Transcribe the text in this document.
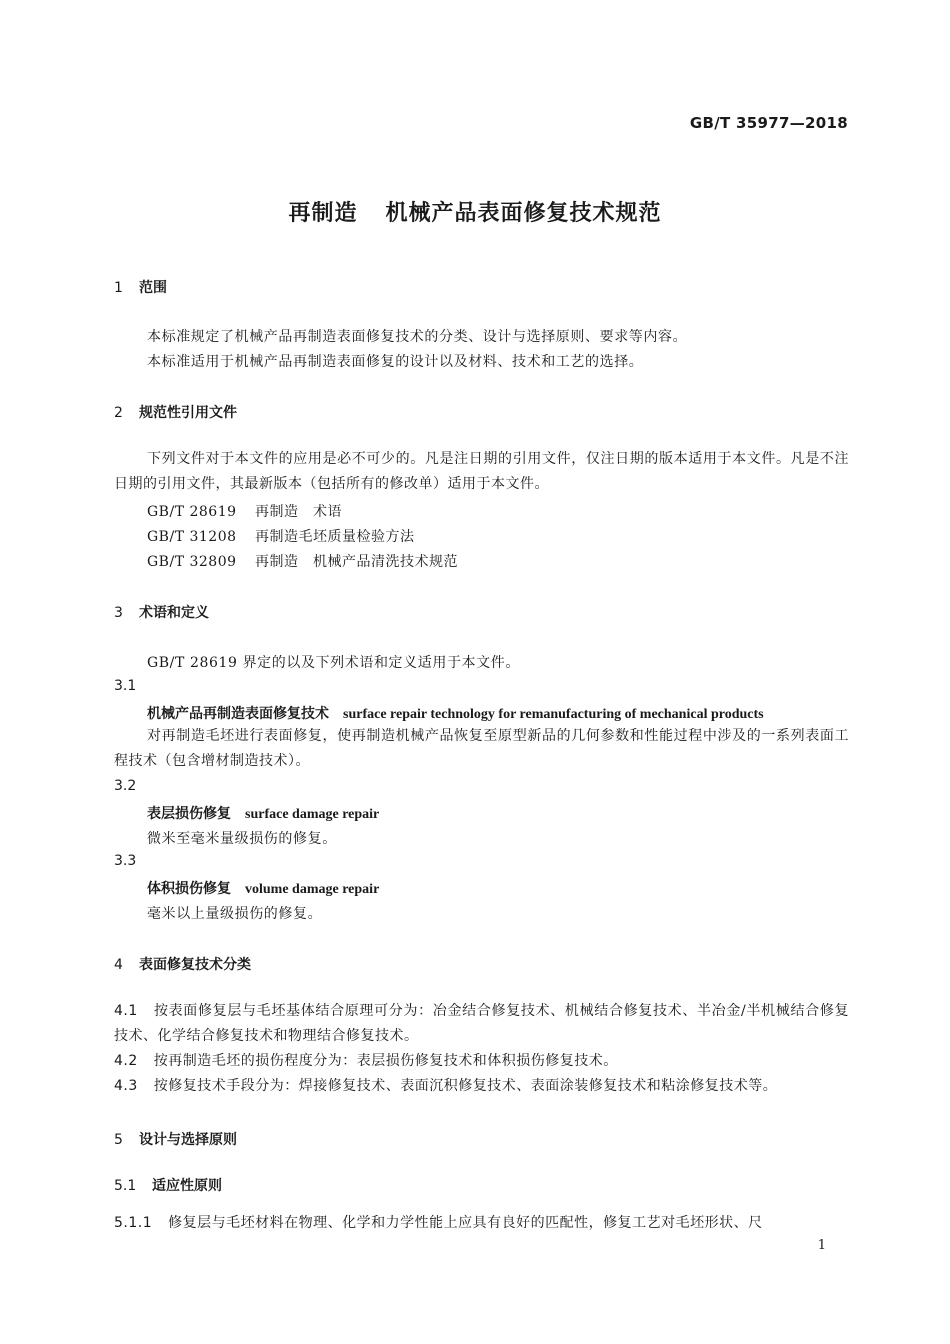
GB/T 35977—2018
再制造 机械产品表面修复技术规范
1 范围
本标准规定了机械产品再制造表面修复技术的分类、设计与选择原则、要求等内容。
本标准适用于机械产品再制造表面修复的设计以及材料、技术和工艺的选择。
2 规范性引用文件
下列文件对于本文件的应用是必不可少的。凡是注日期的引用文件，仅注日期的版本适用于本文件。凡是不注日期的引用文件，其最新版本（包括所有的修改单）适用于本文件。
GB/T 28619 再制造　术语
GB/T 31208 再制造毛坯质量检验方法
GB/T 32809 再制造　机械产品清洗技术规范
3 术语和定义
GB/T 28619 界定的以及下列术语和定义适用于本文件。
3.1
机械产品再制造表面修复技术 surface repair technology for remanufacturing of mechanical products
对再制造毛坯进行表面修复，使再制造机械产品恢复至原型新品的几何参数和性能过程中涉及的一系列表面工程技术（包含增材制造技术）。
3.2
表层损伤修复 surface damage repair
微米至毫米量级损伤的修复。
3.3
体积损伤修复 volume damage repair
毫米以上量级损伤的修复。
4 表面修复技术分类
4.1 按表面修复层与毛坯基体结合原理可分为：冶金结合修复技术、机械结合修复技术、半冶金/半机械结合修复技术、化学结合修复技术和物理结合修复技术。
4.2 按再制造毛坯的损伤程度分为：表层损伤修复技术和体积损伤修复技术。
4.3 按修复技术手段分为：焊接修复技术、表面沉积修复技术、表面涂装修复技术和粘涂修复技术等。
5 设计与选择原则
5.1 适应性原则
5.1.1 修复层与毛坯材料在物理、化学和力学性能上应具有良好的匹配性，修复工艺对毛坯形状、尺
1
